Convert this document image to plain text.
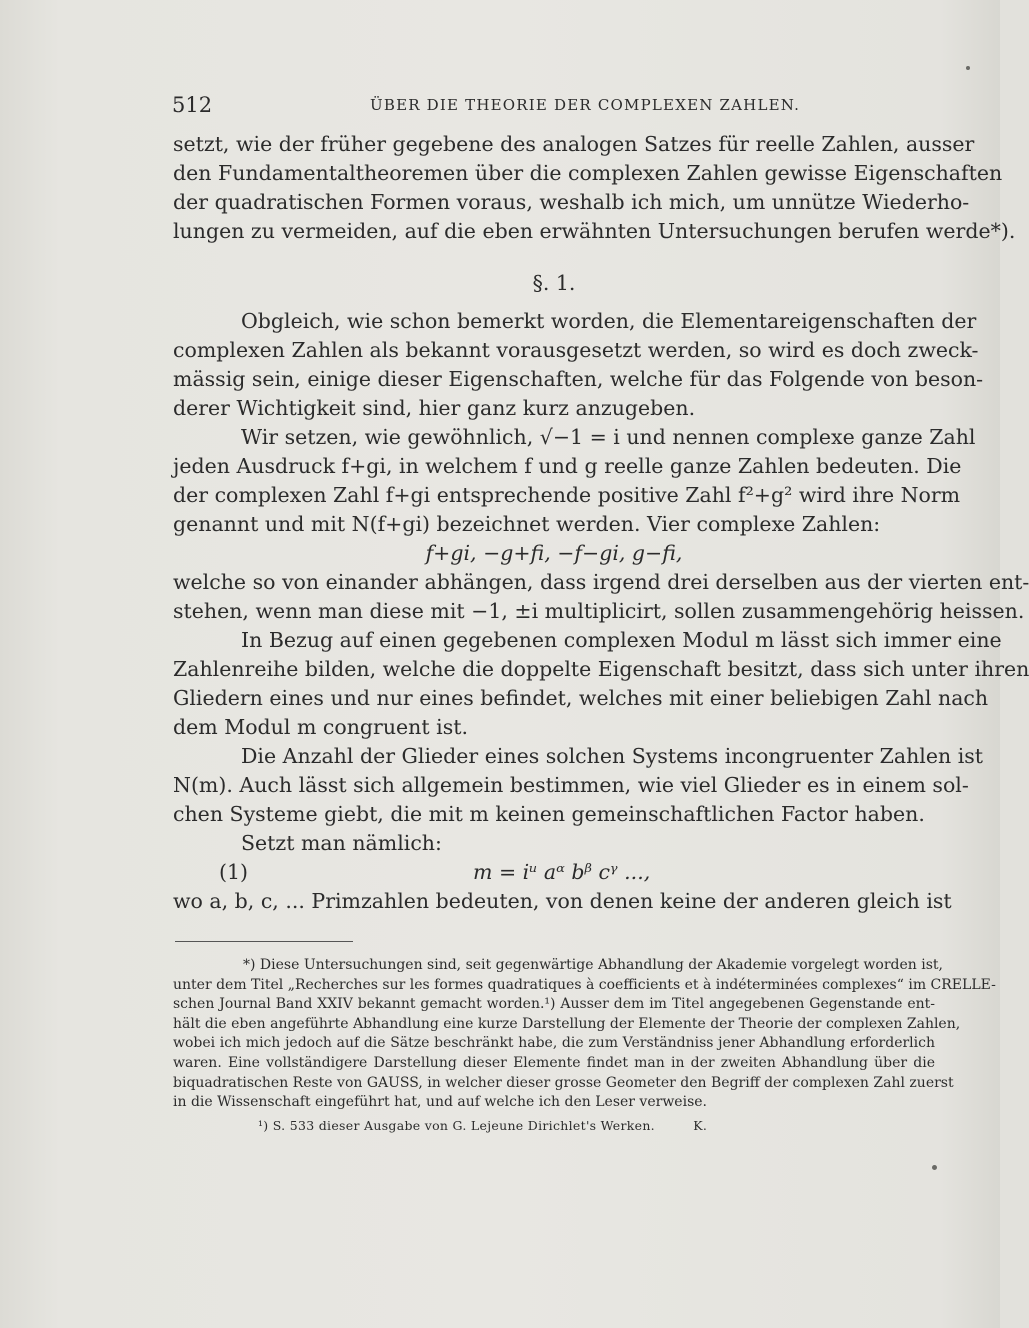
512	ÜBER DIE THEORIE DER COMPLEXEN ZAHLEN.
setzt, wie der früher gegebene des analogen Satzes für reelle Zahlen, ausser
den Fundamentaltheoremen über die complexen Zahlen gewisse Eigenschaften
der quadratischen Formen voraus, weshalb ich mich, um unnütze Wiederho-
lungen zu vermeiden, auf die eben erwähnten Untersuchungen berufen werde*).
§. 1.
Obgleich, wie schon bemerkt worden, die Elementareigenschaften der
complexen Zahlen als bekannt vorausgesetzt werden, so wird es doch zweck-
mässig sein, einige dieser Eigenschaften, welche für das Folgende von beson-
derer Wichtigkeit sind, hier ganz kurz anzugeben.
Wir setzen, wie gewöhnlich, √−1 = i und nennen complexe ganze Zahl
jeden Ausdruck f+gi, in welchem f und g reelle ganze Zahlen bedeuten. Die
der complexen Zahl f+gi entsprechende positive Zahl f²+g² wird ihre Norm
genannt und mit N(f+gi) bezeichnet werden. Vier complexe Zahlen:
f+gi, −g+fi, −f−gi, g−fi,
welche so von einander abhängen, dass irgend drei derselben aus der vierten ent-
stehen, wenn man diese mit −1, ±i multiplicirt, sollen zusammengehörig heissen.
In Bezug auf einen gegebenen complexen Modul m lässt sich immer eine
Zahlenreihe bilden, welche die doppelte Eigenschaft besitzt, dass sich unter ihren
Gliedern eines und nur eines befindet, welches mit einer beliebigen Zahl nach
dem Modul m congruent ist.
Die Anzahl der Glieder eines solchen Systems incongruenter Zahlen ist
N(m). Auch lässt sich allgemein bestimmen, wie viel Glieder es in einem sol-
chen Systeme giebt, die mit m keinen gemeinschaftlichen Factor haben.
Setzt man nämlich:
(1)	m = iᵘ aᵅ bᵝ cᵞ ...,
wo a, b, c, ... Primzahlen bedeuten, von denen keine der anderen gleich ist
*) Diese Untersuchungen sind, seit gegenwärtige Abhandlung der Akademie vorgelegt worden ist,
unter dem Titel „Recherches sur les formes quadratiques à coefficients et à indéterminées complexes“ im CRELLE-
schen Journal Band XXIV bekannt gemacht worden.¹) Ausser dem im Titel angegebenen Gegenstande ent-
hält die eben angeführte Abhandlung eine kurze Darstellung der Elemente der Theorie der complexen Zahlen,
wobei ich mich jedoch auf die Sätze beschränkt habe, die zum Verständniss jener Abhandlung erforderlich
waren. Eine vollständigere Darstellung dieser Elemente findet man in der zweiten Abhandlung über die
biquadratischen Reste von GAUSS, in welcher dieser grosse Geometer den Begriff der complexen Zahl zuerst
in die Wissenschaft eingeführt hat, und auf welche ich den Leser verweise.
¹) S. 533 dieser Ausgabe von G. Lejeune Dirichlet's Werken.	K.
